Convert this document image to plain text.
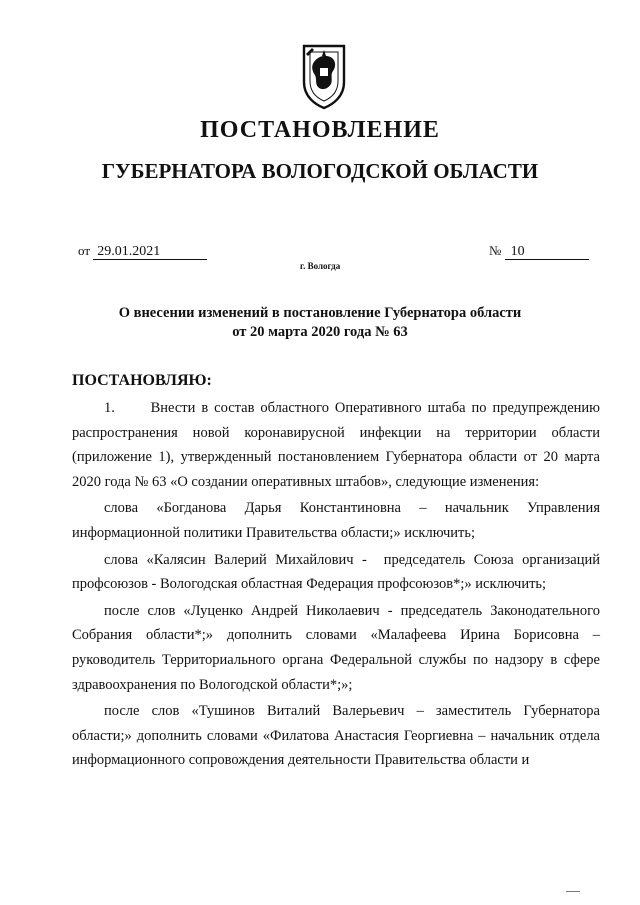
ПОСТАНОВЛЕНИЕ
ГУБЕРНАТОРА ВОЛОГОДСКОЙ ОБЛАСТИ
от 29.01.2021	№ 10
г. Вологда
О внесении изменений в постановление Губернатора области
от 20 марта 2020 года № 63
ПОСТАНОВЛЯЮ:

1.      Внести в состав областного Оперативного штаба по предупреждению распространения новой коронавирусной инфекции на территории области (приложение 1), утвержденный постановлением Губернатора области от 20 марта 2020 года № 63 «О создании оперативных штабов», следующие изменения:

слова «Богданова Дарья Константиновна – начальник Управления информационной политики Правительства области;» исключить;

слова «Калясин Валерий Михайлович -  председатель Союза организаций профсоюзов - Вологодская областная Федерация профсоюзов*;» исключить;

после слов «Луценко Андрей Николаевич - председатель Законодательного Собрания области*;» дополнить словами «Малафеева Ирина Борисовна – руководитель Территориального органа Федеральной службы по надзору в сфере здравоохранения по Вологодской области*;»;

после слов «Тушинов Виталий Валерьевич – заместитель Губернатора области;» дополнить словами «Филатова Анастасия Георгиевна – начальник отдела информационного сопровождения деятельности Правительства области и
